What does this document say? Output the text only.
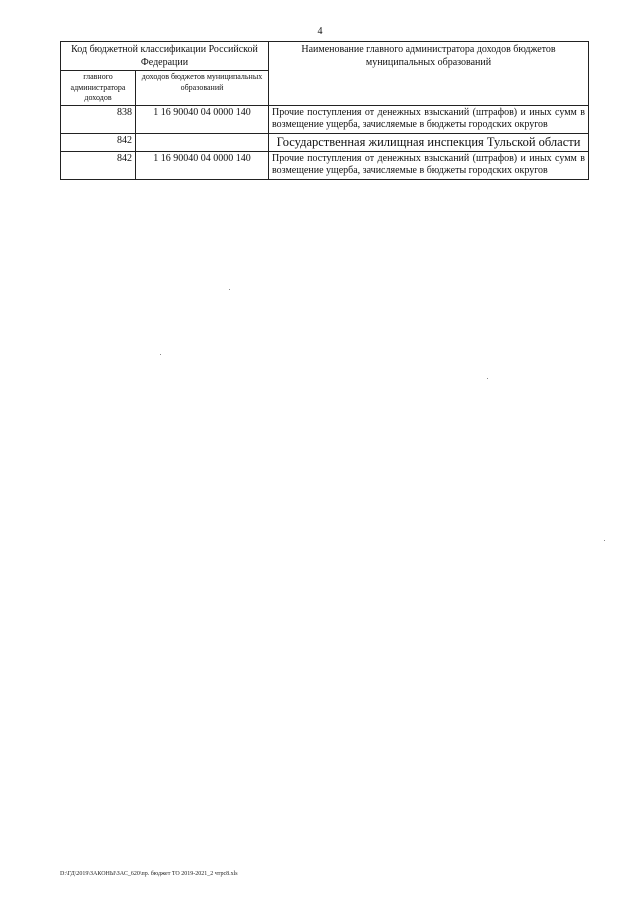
4
Код бюджетной классификации Российской Федерации		Наименование главного администратора доходов бюджетов муниципальных образований
главного администратора доходов	доходов бюджетов муниципальных образований	
838	1 16 90040 04 0000 140	Прочие поступления от денежных взысканий (штрафов) и иных сумм в возмещение ущерба, зачисляемые в бюджеты городских округов
842		Государственная жилищная инспекция Тульской области
842	1 16 90040 04 0000 140	Прочие поступления от денежных взысканий (штрафов) и иных сумм в возмещение ущерба, зачисляемые в бюджеты городских округов
D:\ГД\2019\ЗАКОНЫ\ЗАС_620\пр. бюджет ТО 2019-2021_2 чтрс8.xls
